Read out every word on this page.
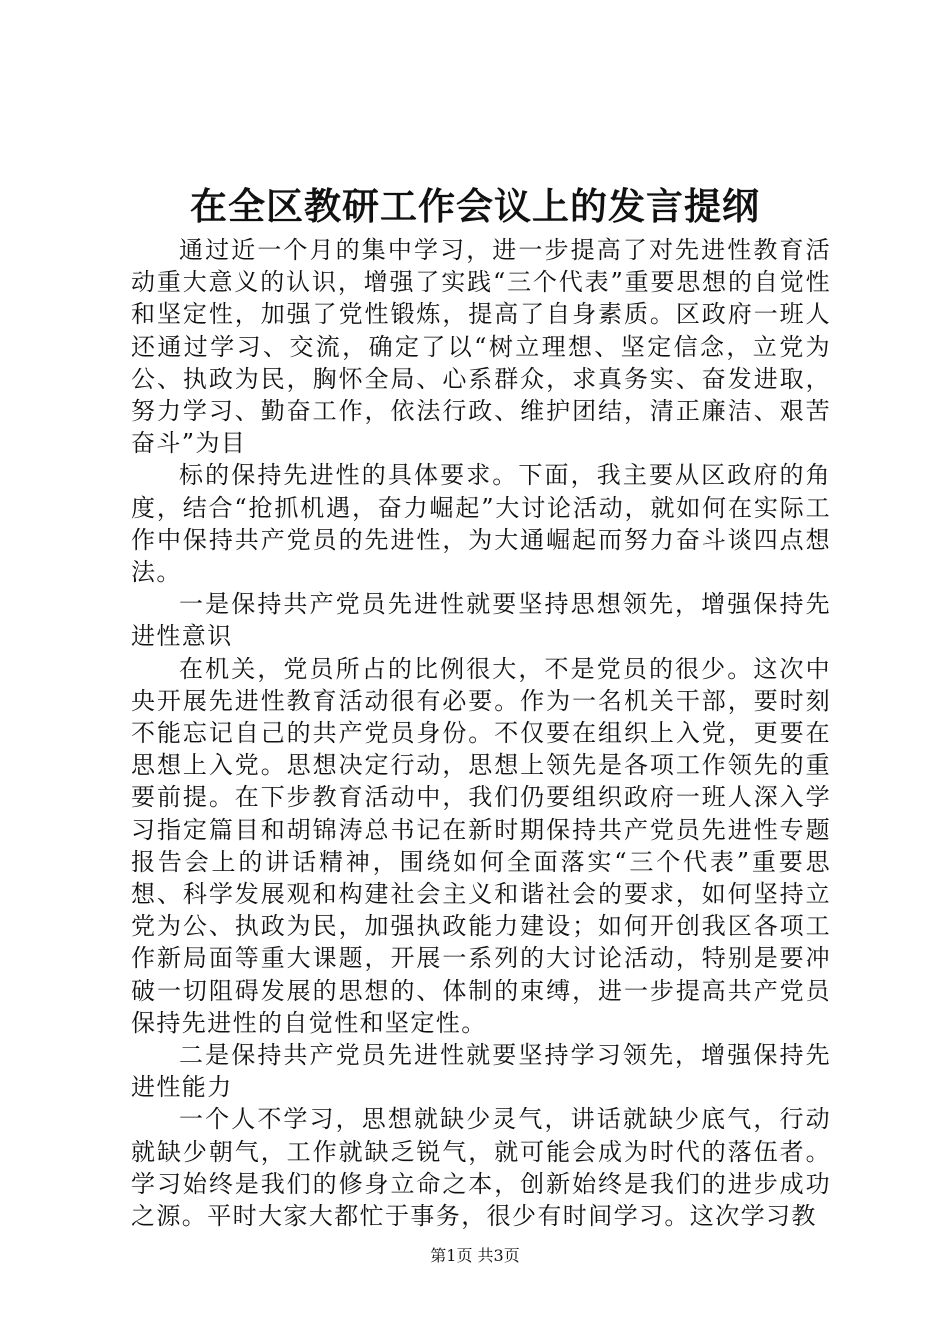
在全区教研工作会议上的发言提纲

通过近一个月的集中学习，进一步提高了对先进性教育活动重大意义的认识，增强了实践“三个代表”重要思想的自觉性和坚定性，加强了党性锻炼，提高了自身素质。区政府一班人还通过学习、交流，确定了以“树立理想、坚定信念，立党为公、执政为民，胸怀全局、心系群众，求真务实、奋发进取，努力学习、勤奋工作，依法行政、维护团结，清正廉洁、艰苦奋斗”为目

标的保持先进性的具体要求。下面，我主要从区政府的角度，结合“抢抓机遇，奋力崛起”大讨论活动，就如何在实际工作中保持共产党员的先进性，为大通崛起而努力奋斗谈四点想法。

一是保持共产党员先进性就要坚持思想领先，增强保持先进性意识

在机关，党员所占的比例很大，不是党员的很少。这次中央开展先进性教育活动很有必要。作为一名机关干部，要时刻不能忘记自己的共产党员身份。不仅要在组织上入党，更要在思想上入党。思想决定行动，思想上领先是各项工作领先的重要前提。在下步教育活动中，我们仍要组织政府一班人深入学习指定篇目和胡锦涛总书记在新时期保持共产党员先进性专题报告会上的讲话精神，围绕如何全面落实“三个代表”重要思想、科学发展观和构建社会主义和谐社会的要求，如何坚持立党为公、执政为民，加强执政能力建设；如何开创我区各项工作新局面等重大课题，开展一系列的大讨论活动，特别是要冲破一切阻碍发展的思想的、体制的束缚，进一步提高共产党员保持先进性的自觉性和坚定性。

二是保持共产党员先进性就要坚持学习领先，增强保持先进性能力

一个人不学习，思想就缺少灵气，讲话就缺少底气，行动就缺少朝气，工作就缺乏锐气，就可能会成为时代的落伍者。学习始终是我们的修身立命之本，创新始终是我们的进步成功之源。平时大家大都忙于事务，很少有时间学习。这次学习教

第1页 共3页
